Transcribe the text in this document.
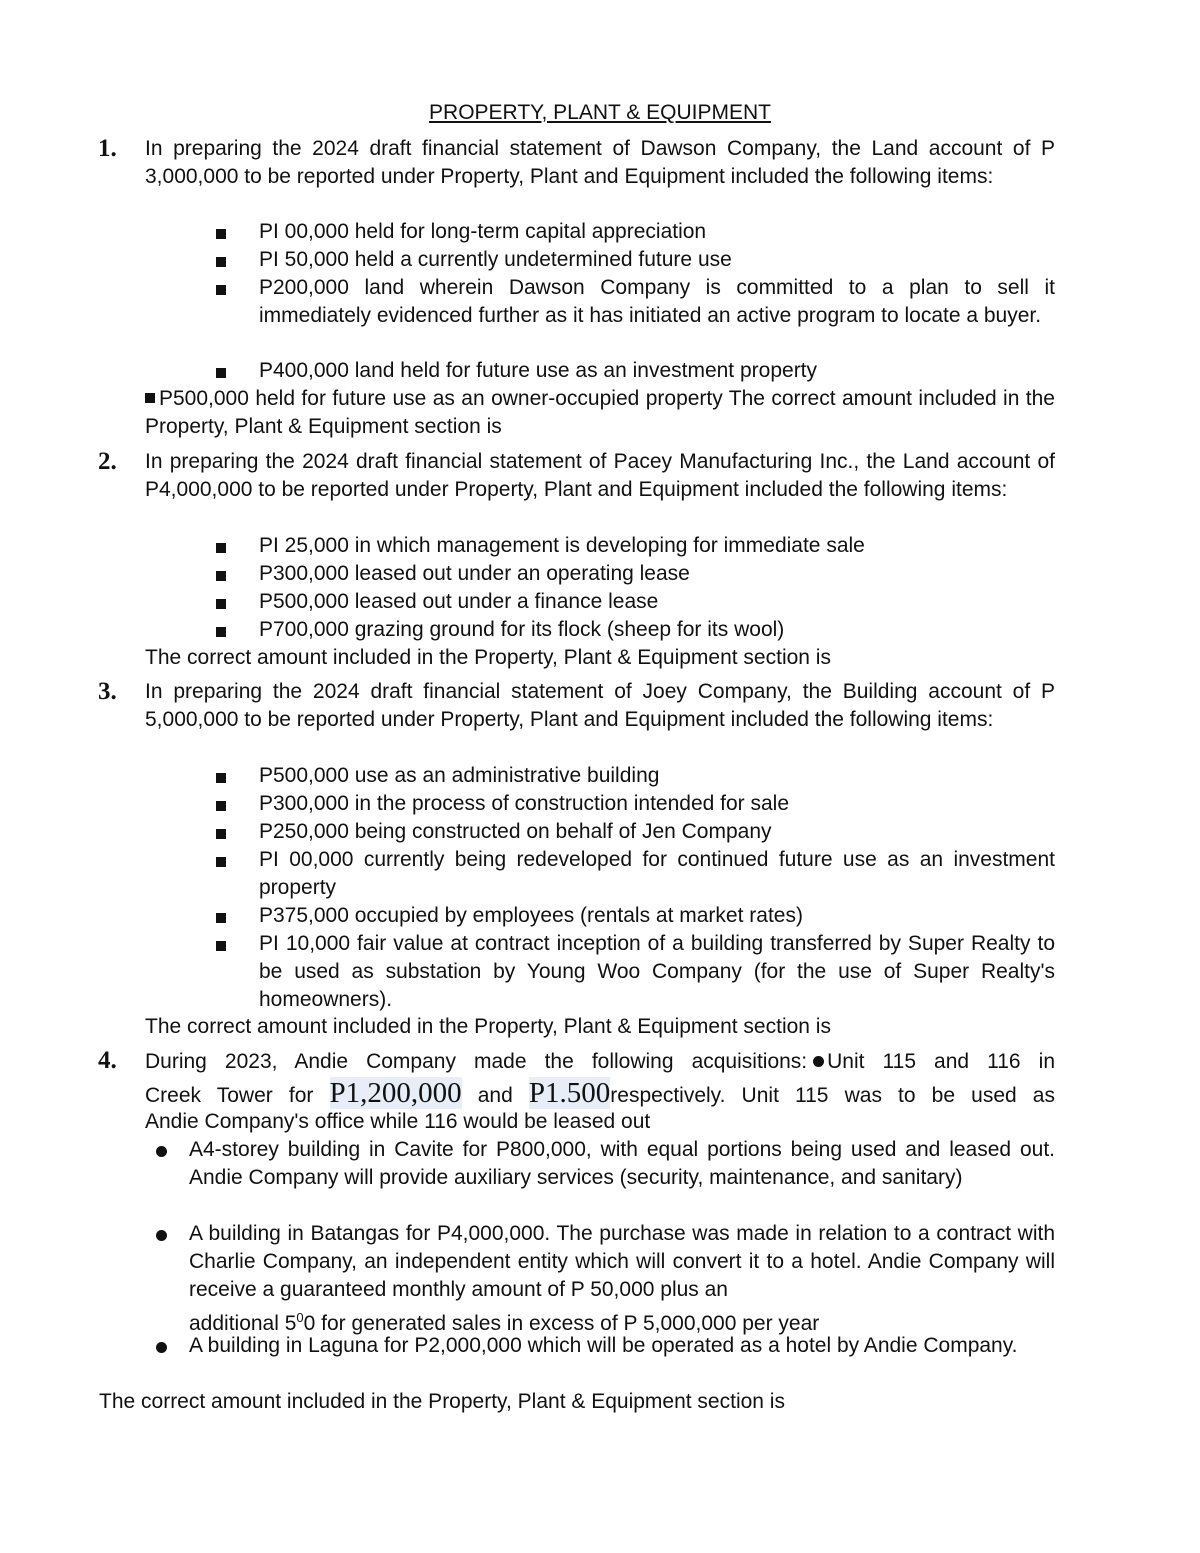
PROPERTY, PLANT & EQUIPMENT
1. In preparing the 2024 draft financial statement of Dawson Company, the Land account of P 3,000,000 to be reported under Property, Plant and Equipment included the following items:
PI 00,000 held for long-term capital appreciation
PI 50,000 held a currently undetermined future use
P200,000 land wherein Dawson Company is committed to a plan to sell it immediately evidenced further as it has initiated an active program to locate a buyer.
P400,000 land held for future use as an investment property
P500,000 held for future use as an owner-occupied property The correct amount included in the Property, Plant & Equipment section is
2. In preparing the 2024 draft financial statement of Pacey Manufacturing Inc., the Land account of P4,000,000 to be reported under Property, Plant and Equipment included the following items:
PI 25,000 in which management is developing for immediate sale
P300,000 leased out under an operating lease
P500,000 leased out under a finance lease
P700,000 grazing ground for its flock (sheep for its wool)
The correct amount included in the Property, Plant & Equipment section is
3. In preparing the 2024 draft financial statement of Joey Company, the Building account of P 5,000,000 to be reported under Property, Plant and Equipment included the following items:
P500,000 use as an administrative building
P300,000 in the process of construction intended for sale
P250,000 being constructed on behalf of Jen Company
PI 00,000 currently being redeveloped for continued future use as an investment property
P375,000 occupied by employees (rentals at market rates)
PI 10,000 fair value at contract inception of a building transferred by Super Realty to be used as substation by Young Woo Company (for the use of Super Realty's homeowners).
The correct amount included in the Property, Plant & Equipment section is
4. During 2023, Andie Company made the following acquisitions: Unit 115 and 116 in
Creek Tower for P1,200,000 and P1.500respectively. Unit 115 was to be used as
Andie Company's office while 116 would be leased out
A4-storey building in Cavite for P800,000, with equal portions being used and leased out. Andie Company will provide auxiliary services (security, maintenance, and sanitary)
A building in Batangas for P4,000,000. The purchase was made in relation to a contract with Charlie Company, an independent entity which will convert it to a hotel. Andie Company will receive a guaranteed monthly amount of P 50,000 plus an
additional $5^00$ for generated sales in excess of P 5,000,000 per year
A building in Laguna for P2,000,000 which will be operated as a hotel by Andie Company.
The correct amount included in the Property, Plant & Equipment section is
